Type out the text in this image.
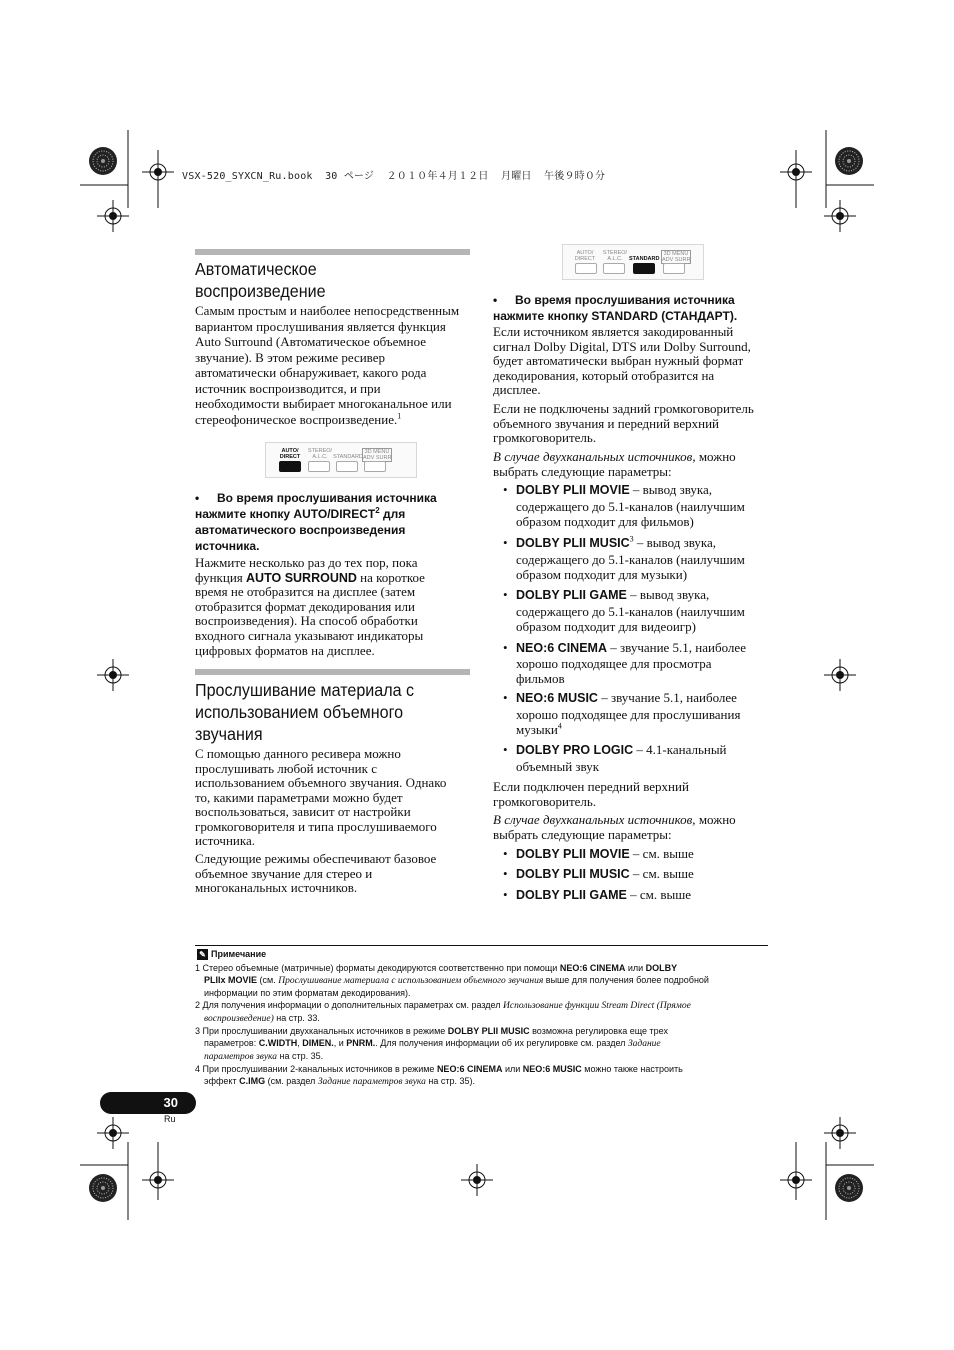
VSX-520_SYXCN_Ru.book  30 ページ  ２０１０年４月１２日  月曜日  午後９時０分
Автоматическое
воспроизведение
Самым простым и наиболее непосредственным
вариантом прослушивания является функция
Auto Surround (Автоматическое объемное
звучание). В этом режиме ресивер
автоматически обнаруживает, какого рода
источник воспроизводится, и при
необходимости выбирает многоканальное или
стереофоническое воспроизведение.$^1$
AUTO/
DIRECT
STEREO/
A.L.C. STANDARD
3D MENU
ADV SURR
• Во время прослушивания источника
нажмите кнопку AUTO/DIRECT$^2$ для
автоматического воспроизведения
источника.
Нажмите несколько раз до тех пор, пока
функция AUTO SURROUND на короткое
время не отобразится на дисплее (затем
отобразится формат декодирования или
воспроизведения). На способ обработки
входного сигнала указывают индикаторы
цифровых форматов на дисплее.
Прослушивание материала с
использованием объемного
звучания
С помощью данного ресивера можно
прослушивать любой источник с
использованием объемного звучания. Однако
то, какими параметрами можно будет
воспользоваться, зависит от настройки
громкоговорителя и типа прослушиваемого
источника.
Следующие режимы обеспечивают базовое
объемное звучание для стерео и
многоканальных источников.
AUTO/
DIRECT
STEREO/
A.L.C.	STANDARD
3D MENU
ADV SURR
• Во время прослушивания источника
нажмите кнопку STANDARD (СТАНДАРТ).
Если источником является закодированный
сигнал Dolby Digital, DTS или Dolby Surround,
будет автоматически выбран нужный формат
декодирования, который отобразится на
дисплее.
Если не подключены задний громкоговоритель
объемного звучания и передний верхний
громкоговоритель.
В случае двухканальных источников, можно
выбрать следующие параметры:
• DOLBY PLII MOVIE – вывод звука,
содержащего до 5.1-каналов (наилучшим
образом подходит для фильмов)
• DOLBY PLII MUSIC$^3$ – вывод звука,
содержащего до 5.1-каналов (наилучшим
образом подходит для музыки)
• DOLBY PLII GAME – вывод звука,
содержащего до 5.1-каналов (наилучшим
образом подходит для видеоигр)
• NEO:6 CINEMA – звучание 5.1, наиболее
хорошо подходящее для просмотра
фильмов
• NEO:6 MUSIC – звучание 5.1, наиболее
хорошо подходящее для прослушивания
музыки$^4$
• DOLBY PRO LOGIC – 4.1-канальный
объемный звук
Если подключен передний верхний
громкоговоритель.
В случае двухканальных источников, можно
выбрать следующие параметры:
• DOLBY PLII MOVIE – см. выше
• DOLBY PLII MUSIC – см. выше
• DOLBY PLII GAME – см. выше
✎ Примечание
1 Стерео объемные (матричные) форматы декодируются соответственно при помощи NEO:6 CINEMA или DOLBY
PLIIx MOVIE (см. Прослушивание материала с использованием объемного звучания выше для получения более подробной
информации по этим форматам декодирования).
2 Для получения информации о дополнительных параметрах см. раздел Использование функции Stream Direct (Прямое
воспроизведение) на стр. 33.
3 При прослушивании двухканальных источников в режиме DOLBY PLII MUSIC возможна регулировка еще трех
параметров: C.WIDTH, DIMEN., и PNRM.. Для получения информации об их регулировке см. раздел Задание
параметров звука на стр. 35.
4 При прослушивании 2-канальных источников в режиме NEO:6 CINEMA или NEO:6 MUSIC можно также настроить
эффект C.IMG (см. раздел Задание параметров звука на стр. 35).
30
Ru
